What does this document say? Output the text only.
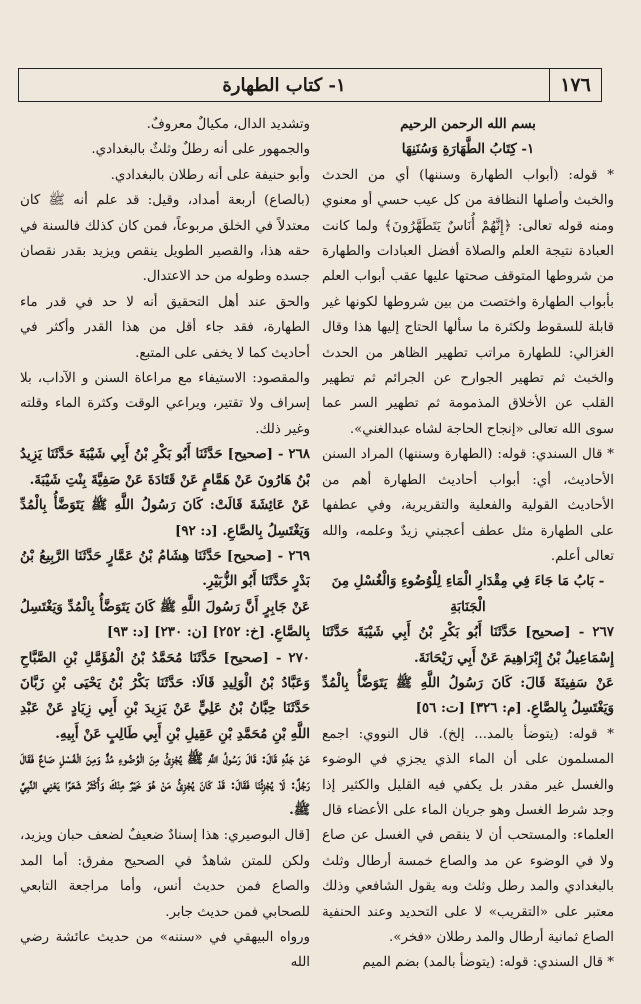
١٧٦
١- كتاب الطهارة

بسم الله الرحمن الرحيم

١- كِتَابُ الطَّهَارَةِ وَسُنَنِهَا

* قوله: (أبواب الطهارة وسننها) أي من الحدث والخبث وأصلها النظافة من كل عيب حسي أو معنوي ومنه قوله تعالى: ﴿إِنَّهُمْ أُنَاسٌ يَتَطَهَّرُونَ﴾ ولما كانت العبادة نتيجة العلم والصلاة أفضل العبادات والطهارة من شروطها المتوقف صحتها عليها عقب أبواب العلم بأبواب الطهارة واختصت من بين شروطها لكونها غير قابلة للسقوط ولكثرة ما سألها الحتاج إليها هذا وقال الغزالي: للطهارة مراتب تطهير الظاهر من الحدث والخبث ثم تطهير الجوارح عن الجرائم ثم تطهير القلب عن الأخلاق المذمومة ثم تطهير السر عما سوى الله تعالى «إنجاح الحاجة لشاه عبدالغني».

* قال السندي: قوله: (الطهارة وسننها) المراد السنن الأحاديث، أي: أبواب أحاديث الطهارة أهم من الأحاديث القولية والفعلية والتقريرية، وفي عطفها على الطهارة مثل عطف أعجبني زيدٌ وعلمه، والله تعالى أعلم.

- بَابُ مَا جَاءَ فِي مِقْدَارِ الْمَاءِ لِلْوُضُوءِ وَالْغُسْلِ مِنَ الْجَنَابَةِ

٢٦٧ - [صحيح] حَدَّثَنَا أَبُو بَكْرِ بْنُ أَبِي شَيْبَةَ حَدَّثَنَا إِسْمَاعِيلُ بْنُ إِبْرَاهِيمَ عَنْ أَبِي رَيْحَانَةَ.

عَنْ سَفِينَةَ قَالَ: كَانَ رَسُولُ اللَّهِ ﷺ يَتَوَضَّأُ بِالْمُدِّ وَيَغْتَسِلُ بِالصَّاعِ. [م: ٣٢٦] [ت: ٥٦]

* قوله: (يتوضأ بالمد... إلخ). قال النووي: اجمع المسلمون على أن الماء الذي يجزي في الوضوء والغسل غير مقدر بل يكفي فيه القليل والكثير إذا وجد شرط الغسل وهو جريان الماء على الأعضاء قال العلماء: والمستحب أن لا ينقص في الغسل عن صاع ولا في الوضوء عن مد والصاع خمسة أرطال وثلث بالبغدادي والمد رطل وثلث وبه يقول الشافعي وذلك معتبر على «التقريب» لا على التحديد وعند الحنفية الصاع ثمانية أرطال والمد رطلان «فخر».

* قال السندي: قوله: (يتوضأ بالمد) بضم الميم

وتشديد الدال، مكيالٌ معروفٌ.

والجمهور على أنه رطلٌ وثلثٌ بالبغدادي.

وأبو حنيفة على أنه رطلان بالبغدادي.

(بالصاع) أربعة أمداد، وقيل: قد علم أنه ﷺ كان معتدلاً في الخلق مربوعاً، فمن كان كذلك فالسنة في حقه هذا، والقصير الطويل ينقص ويزيد بقدر نقصان جسده وطوله من حد الاعتدال.

والحق عند أهل التحقيق أنه لا حد في قدر ماء الطهارة، فقد جاء أقل من هذا القدر وأكثر في أحاديث كما لا يخفى على المتبع.

والمقصود: الاستيفاء مع مراعاة السنن و الآداب، بلا إسراف ولا تقتير، ويراعي الوقت وكثرة الماء وقلته وغير ذلك.

٢٦٨ - [صحيح] حَدَّثَنَا أَبُو بَكْرِ بْنُ أَبِي شَيْبَةَ حَدَّثَنَا يَزِيدُ بْنُ هَارُونَ عَنْ هَمَّامٍ عَنْ قَتَادَةَ عَنْ صَفِيَّةَ بِنْتِ شَيْبَةَ.

عَنْ عَائِشَةَ قَالَتْ: كَانَ رَسُولُ اللَّهِ ﷺ يَتَوَضَّأُ بِالْمُدِّ وَيَغْتَسِلُ بِالصَّاعِ. [د: ٩٢]

٢٦٩ - [صحيح] حَدَّثَنَا هِشَامُ بْنُ عَمَّارٍ حَدَّثَنَا الرَّبِيعُ بْنُ بَدْرٍ حَدَّثَنَا أَبُو الزُّبَيْرِ.

عَنْ جَابِرٍ أَنَّ رَسُولَ اللَّهِ ﷺ كَانَ يَتَوَضَّأُ بِالْمُدِّ وَيَغْتَسِلُ بِالصَّاعِ. [خ: ٢٥٢] [ن: ٢٣٠] [د: ٩٣]

٢٧٠ - [صحيح] حَدَّثَنَا مُحَمَّدُ بْنُ الْمُؤَمَّلِ بْنِ الصَّبَّاحِ وَعَبَّادُ بْنُ الْوَلِيدِ قَالَا: حَدَّثَنَا بَكْرُ بْنُ يَحْيَى بْنِ زَبَّانَ حَدَّثَنَا حِبَّانُ بْنُ عَلِيٍّ عَنْ يَزِيدَ بْنِ أَبِي زِيَادٍ عَنْ عَبْدِ اللَّهِ بْنِ مُحَمَّدِ بْنِ عَقِيلِ بْنِ أَبِي طَالِبٍ عَنْ أَبِيهِ.

عَنْ جَدِّهِ قَالَ: قَالَ رَسُولُ اللَّهِ ﷺ يُجْزِئُ مِنَ الْوُضُوءِ مُدٌّ وَمِنَ الْغُسْلِ صَاعٌ فَقَالَ رَجُلٌ: لَا يُجْزِئُنَا فَقَالَ: قَدْ كَانَ يُجْزِئُ مَنْ هُوَ خَيْرٌ مِنْكَ وَأَكْثَرُ شَعَرًا يَعْنِي النَّبِيَّ ﷺ.

[قال البوصيري: هذا إسنادٌ ضعيفٌ لضعف حبان ويزيد، ولكن للمتن شاهدٌ في الصحيح مفرق: أما المد والصاع فمن حديث أنس، وأما مراجعة التابعي للصحابي فمن حديث جابر.

ورواه البيهقي في «سننه» من حديث عائشة رضي الله
